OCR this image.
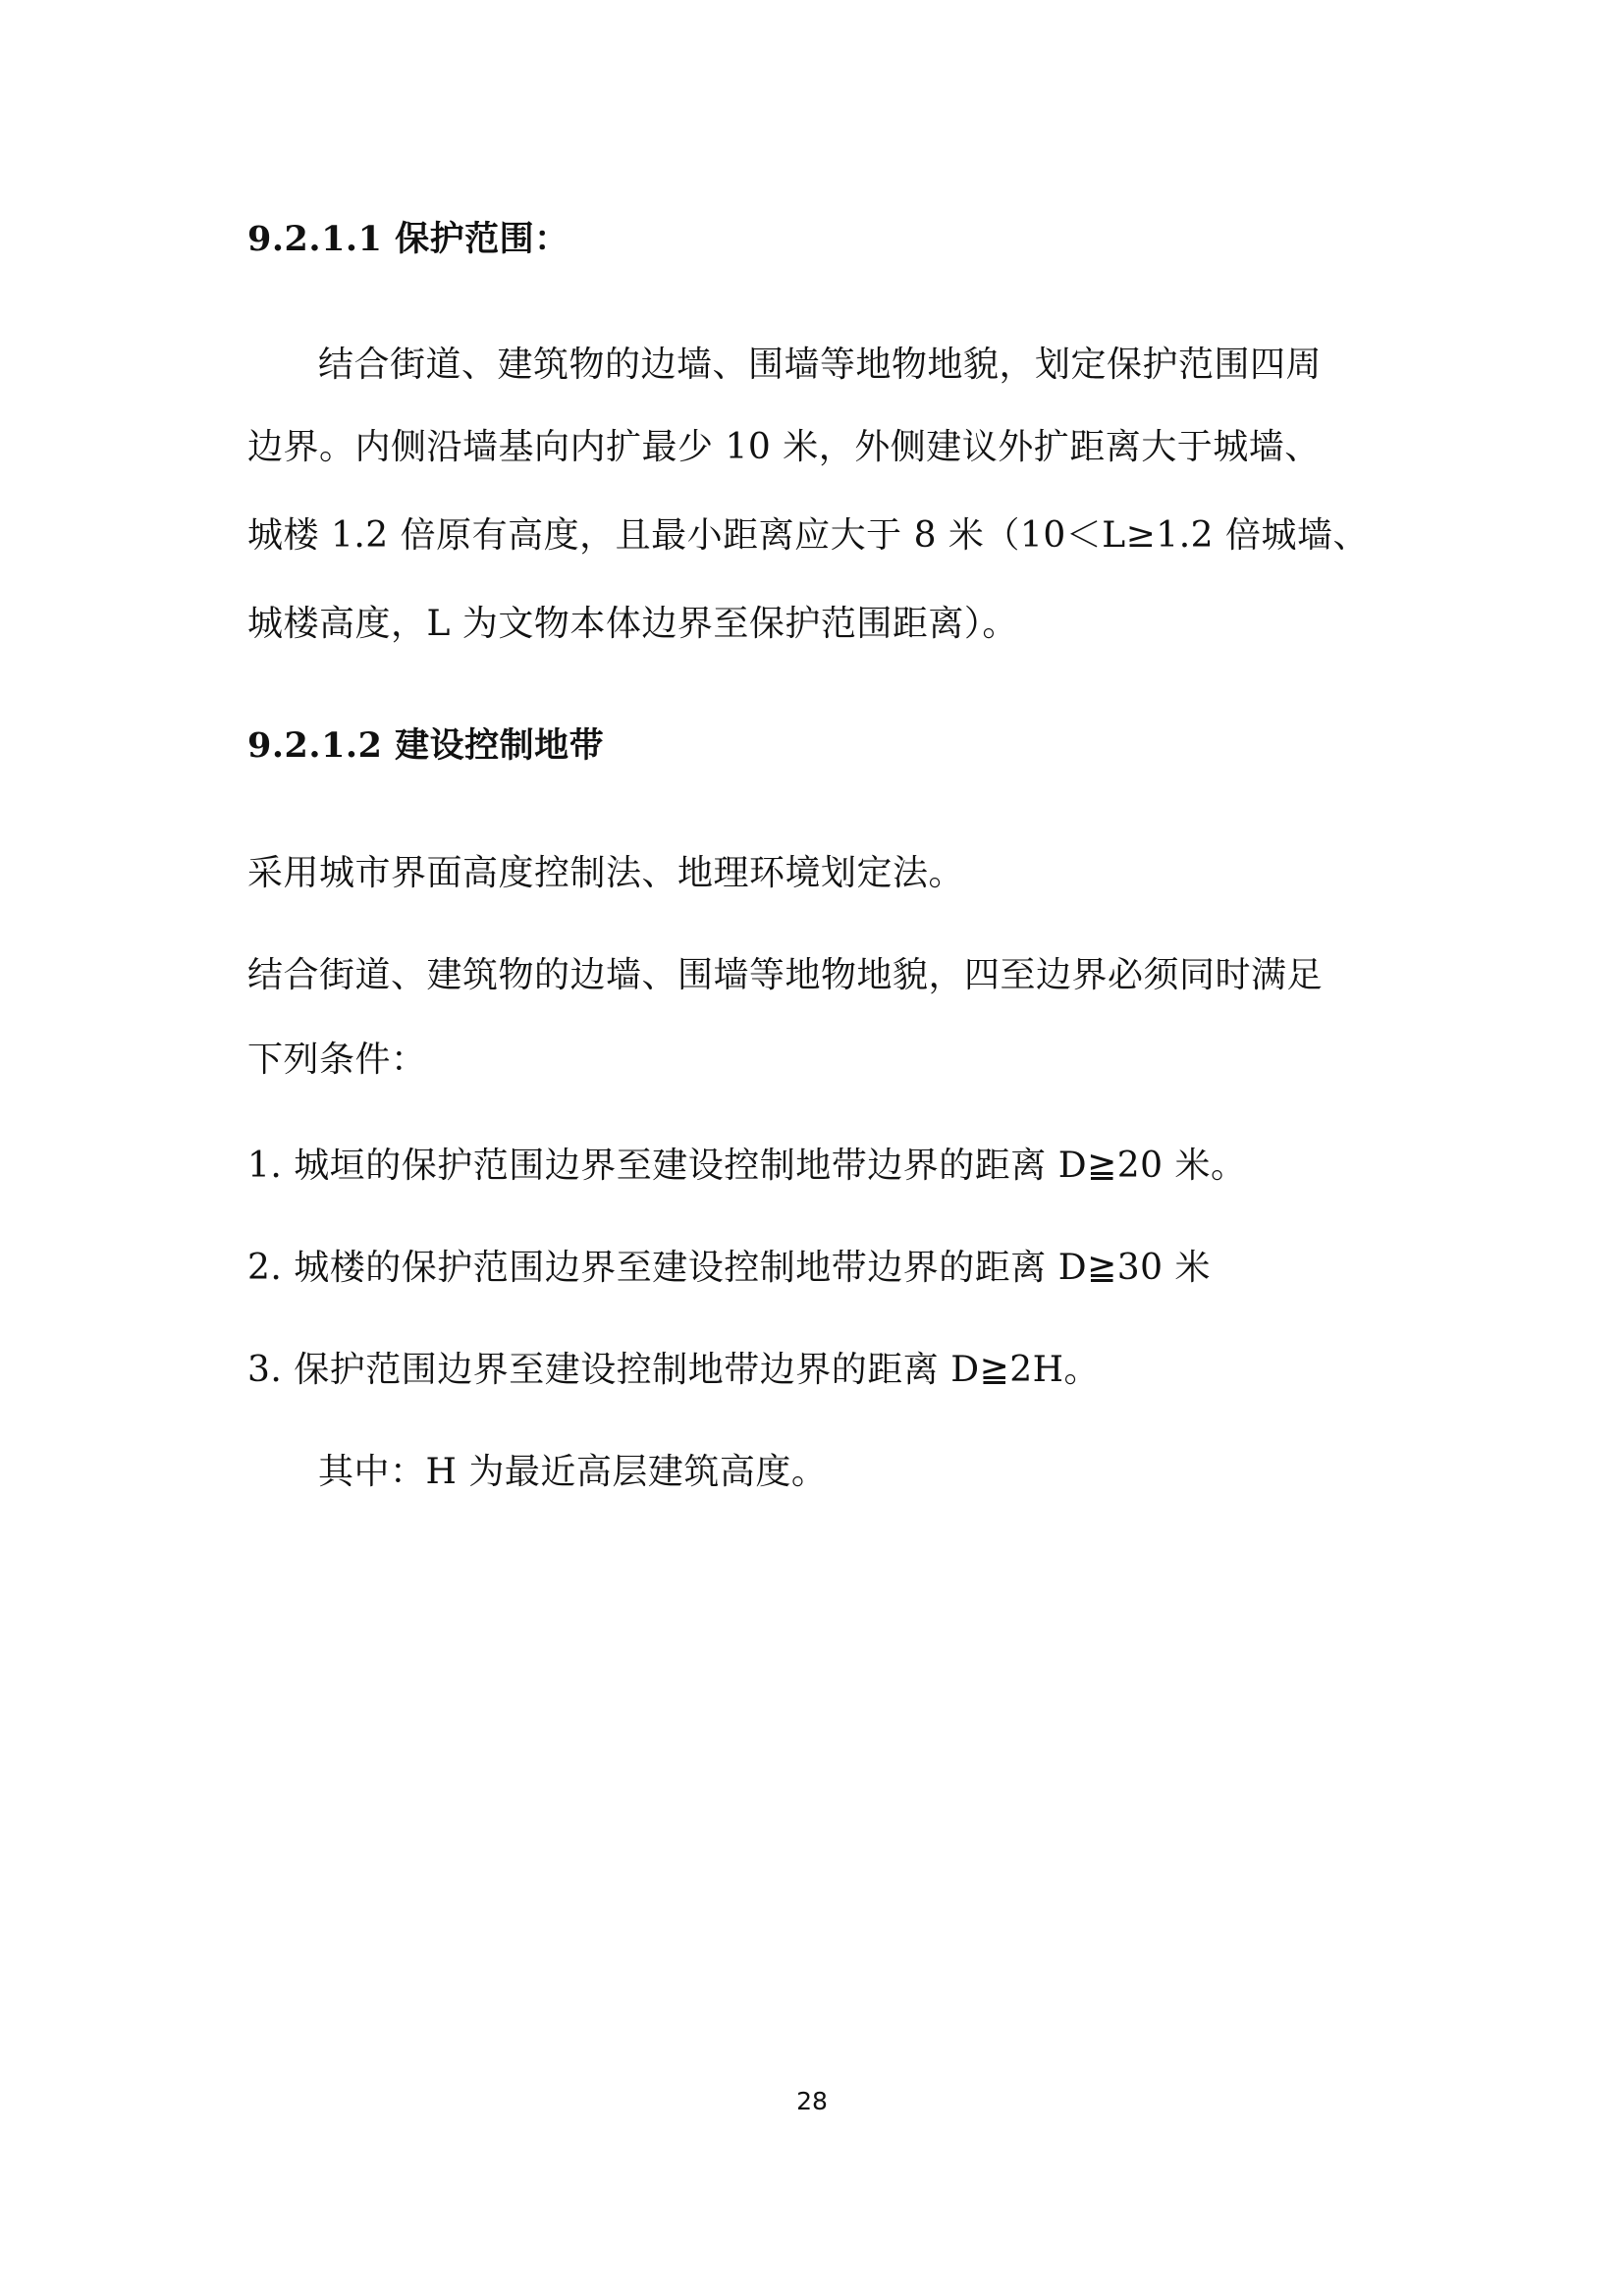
9.2.1.1 保护范围：
结合街道、建筑物的边墙、围墙等地物地貌，划定保护范围四周
边界。内侧沿墙基向内扩最少 10 米，外侧建议外扩距离大于城墙、
城楼 1.2 倍原有高度，且最小距离应大于 8 米（10＜L≥1.2 倍城墙、
城楼高度，L 为文物本体边界至保护范围距离）。
9.2.1.2 建设控制地带
采用城市界面高度控制法、地理环境划定法。
结合街道、建筑物的边墙、围墙等地物地貌，四至边界必须同时满足
下列条件：
1. 城垣的保护范围边界至建设控制地带边界的距离 D≧20 米。
2. 城楼的保护范围边界至建设控制地带边界的距离 D≧30 米
3. 保护范围边界至建设控制地带边界的距离 D≧2H。
其中：H 为最近高层建筑高度。
28
